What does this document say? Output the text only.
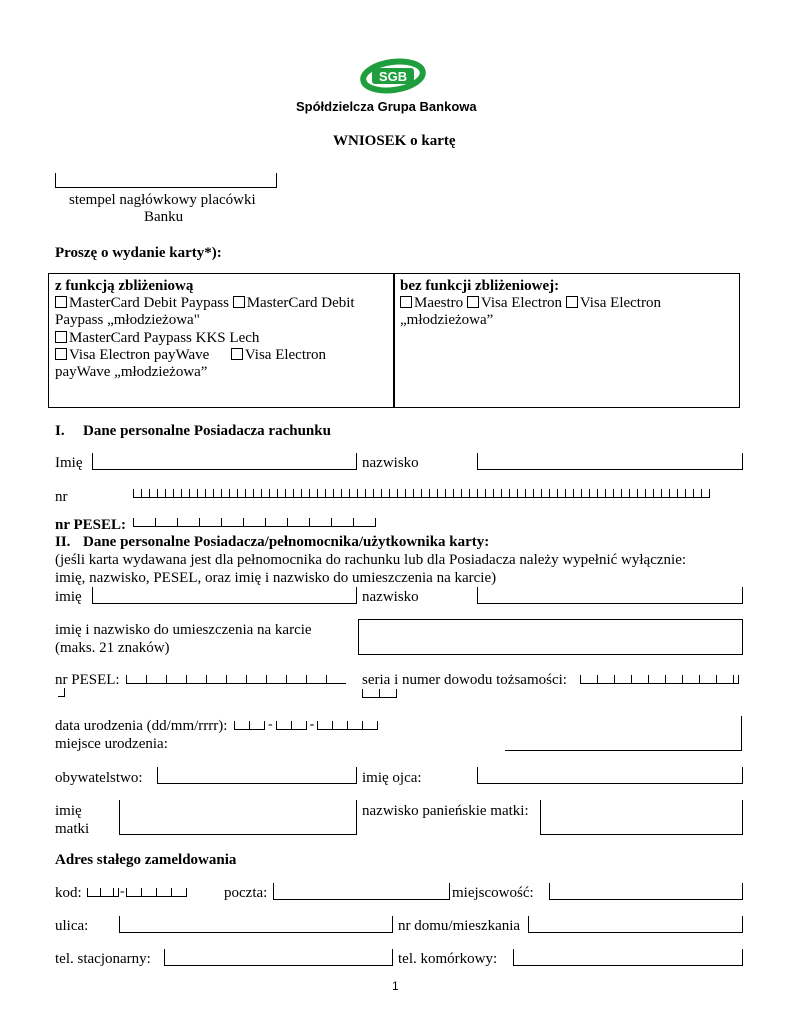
SGB
Spółdzielcza Grupa Bankowa
WNIOSEK o kartę
stempel nagłówkowy placówki
Banku
Proszę o wydanie karty*):
z funkcją zbliżeniową
MasterCard Debit Paypass MasterCard Debit
Paypass „młodzieżowa"
MasterCard Paypass KKS Lech
Visa Electron payWave Visa Electron
payWave „młodzieżowa”
bez funkcji zbliżeniowej:
Maestro Visa Electron Visa Electron
„młodzieżowa”
I. Dane personalne Posiadacza rachunku
Imię	nazwisko
nr
nr PESEL:
II. Dane personalne Posiadacza/pełnomocnika/użytkownika karty:
(jeśli karta wydawana jest dla pełnomocnika do rachunku lub dla Posiadacza należy wypełnić wyłącznie:
imię, nazwisko, PESEL, oraz imię i nazwisko do umieszczenia na karcie)
imię	nazwisko
imię i nazwisko do umieszczenia na karcie
(maks. 21 znaków)
nr PESEL:	seria i numer dowodu tożsamości:
data urodzenia (dd/mm/rrrr):	-	-
miejsce urodzenia:
obywatelstwo:	imię ojca:
imię
matki
nazwisko panieńskie matki:
Adres stałego zameldowania
kod:	-	poczta:	miejscowość:
ulica:	nr domu/mieszkania
tel. stacjonarny:	tel. komórkowy:
1
